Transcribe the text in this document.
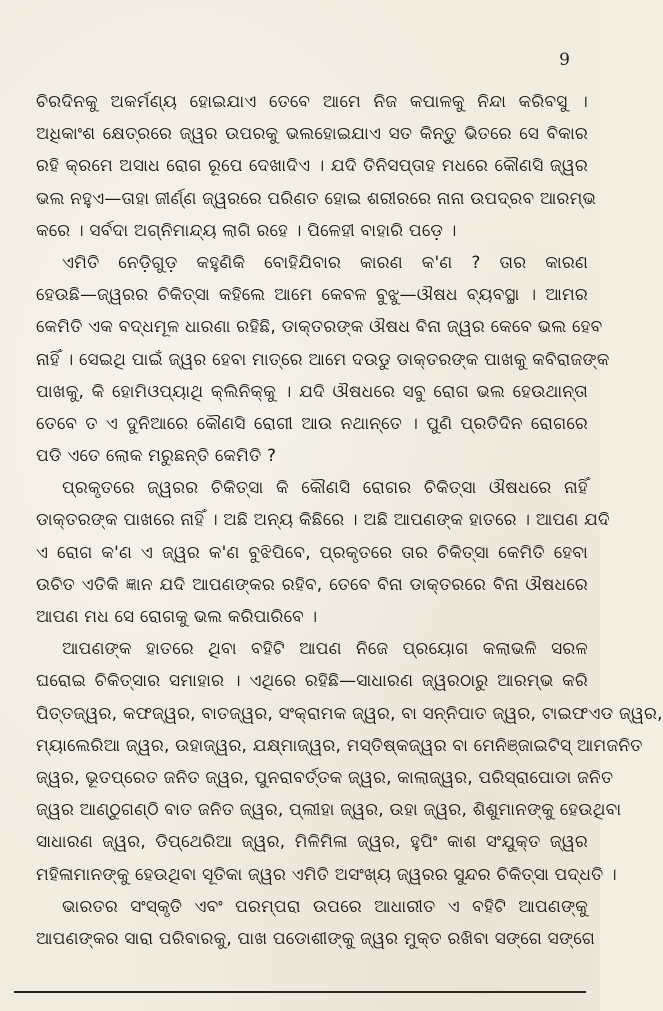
9
ଚିରଦିନକୁ ଅକର୍ମଣ୍ୟ ହୋଇଯାଏ ତେବେ ଆମେ ନିଜ କପାଳକୁ ନିନ୍ଦା କରିବସୁ ।
ଅଧିକାଂଶ କ୍ଷେତ୍ରରେ ଜ୍ୱର ଉପରକୁ ଭଲହୋଇଯାଏ ସତ କିନ୍ତୁ ଭିତରେ ସେ ବିକାର
ରହି କ୍ରମେ ଅସାଧ ରୋଗ ରୂପେ ଦେଖାଦିଏ । ଯଦି ତିନିସପ୍ତାହ ମଧରେ କୌଣସି ଜ୍ୱର
ଭଲ ନହୁଏ—ତାହା ଜୀର୍ଣ୍ଣ ଜ୍ୱରରେ ପରିଣତ ହୋଇ ଶରୀରରେ ନାନା ଉପଦ୍ରବ ଆରମ୍ଭ
କରେ । ସର୍ବଦା ଅଗ୍ନିମାନ୍ଦ୍ୟ ଲାଗି ରହେ । ପିଳେହୀ ବାହାରି ପଡ଼େ ।
ଏମିତି ନେଡ଼ିଗୁଡ଼ କହୁଣିକି ବୋହିଯିବାର କାରଣ କ'ଣ ? ତାର କାରଣ
ହେଉଛି—ଜ୍ୱରର ଚିକିତ୍ସା କହିଲେ ଆମେ କେବଳ ବୁଝୁ—ଔଷଧ ବ୍ୟବସ୍ଥା । ଆମର
କେମିତି ଏକ ବଦ୍ଧମୂଳ ଧାରଣା ରହିଛି, ଡାକ୍ତରଙ୍କ ଔଷଧ ବିନା ଜ୍ୱର କେବେ ଭଲ ହେବ
ନାହିଁ । ସେଇଥି ପାଇଁ ଜ୍ୱର ହେବା ମାତ୍ରେ ଆମେ ଦଉଡୁ ଡାକ୍ତରଙ୍କ ପାଖକୁ କବିରାଜଙ୍କ
ପାଖକୁ, କି ହୋମିଓପ୍ୟାଥି କ୍ଲିନିକ୍‌କୁ । ଯଦି ଔଷଧରେ ସବୁ ରୋଗ ଭଲ ହେଉଥାନ୍ତା
ତେବେ ତ ଏ ଦୁନିଆରେ କୌଣସି ରୋଗୀ ଆଉ ନଥାନ୍ତେ । ପୁଣି ପ୍ରତିଦିନ ରୋଗରେ
ପଡି ଏତେ ଲୋକ ମରୁଛନ୍ତି କେମିତି ?
ପ୍ରକୃତରେ ଜ୍ୱରର ଚିକିତ୍ସା କି କୌଣସି ରୋଗର ଚିକିତ୍ସା ଔଷଧରେ ନାହିଁ
ଡାକ୍ତରଙ୍କ ପାଖରେ ନାହିଁ । ଅଛି ଅନ୍ୟ କିଛିରେ । ଅଛି ଆପଣଙ୍କ ହାତରେ । ଆପଣ ଯଦି
ଏ ରୋଗ କ'ଣ ଏ ଜ୍ୱର କ'ଣ ବୁଝିପିବେ, ପ୍ରକୃତରେ ତାର ଚିକିତ୍ସା କେମିତି ହେବା
ଉଚିତ ଏତିକି ଜ୍ଞାନ ଯଦି ଆପଣଙ୍କର ରହିବ, ତେବେ ବିନା ଡାକ୍ତରରେ ବିନା ଔଷଧରେ
ଆପଣ ମଧ ସେ ରୋଗକୁ ଭଲ କରିପାରିବେ ।
ଆପଣଙ୍କ ହାତରେ ଥିବା ବହିଟି ଆପଣ ନିଜେ ପ୍ରୟୋଗ କଲାଭଳି ସରଳ
ଘରୋଇ ଚିକିତ୍ସାର ସମାହାର । ଏଥିରେ ରହିଛି—ସାଧାରଣ ଜ୍ୱରଠାରୁ ଆରମ୍ଭ କରି
ପିତ୍ତଜ୍ୱର, କଫଜ୍ୱର, ବାତଜ୍ୱର, ସଂକ୍ରାମକ ଜ୍ୱର, ବା ସନ୍ନିପାତ ଜ୍ୱର, ଟାଇଫଏଡ ଜ୍ୱର,
ମ୍ୟାଲେରିଆ ଜ୍ୱର, ଉହାଜ୍ୱର, ଯକ୍ଷ୍ମାଜ୍ୱର, ମସ୍ତିଷ୍କଜ୍ୱର ବା ମେନିଞ୍ଜାଇଟିସ୍ ଆମଜନିତ
ଜ୍ୱର, ଭୂତପ୍ରେତ ଜନିତ ଜ୍ୱର, ପୁନରାବର୍ତ୍ତକ ଜ୍ୱର, କାଲାଜ୍ୱର, ପରିସ୍ରାପୋଡା ଜନିତ
ଜ୍ୱର ଆଣ୍ଠୁଗଣ୍ଠି ବାତ ଜନିତ ଜ୍ୱର, ପ୍ଲୀହା ଜ୍ୱର, ଉହା ଜ୍ୱର, ଶିଶୁମାନଙ୍କୁ ହେଉଥିବା
ସାଧାରଣ ଜ୍ୱର, ଡିପ୍‌ଥେରିଆ ଜ୍ୱର, ମିଳିମିଳା ଜ୍ୱର, ହୁପିଂ କାଶ ସଂଯୁକ୍ତ ଜ୍ୱର
ମହିଳାମାନଙ୍କୁ ହେଉଥିବା ସୂତିକା ଜ୍ୱର ଏମିତି ଅସଂଖ୍ୟ ଜ୍ୱରର ସୁନ୍ଦର ଚିକିତ୍ସା ପଦ୍ଧତି ।
ଭାରତର ସଂସ୍କୃତି ଏବଂ ପରମ୍ପରା ଉପରେ ଆଧାରୀତ ଏ ବହିଟି ଆପଣଙ୍କୁ
ଆପଣଙ୍କର ସାରା ପରିବାରକୁ, ପାଖ ପଡୋଶୀଙ୍କୁ ଜ୍ୱର ମୁକ୍ତ ରଖିବା ସଙ୍ଗେ ସଙ୍ଗେ
